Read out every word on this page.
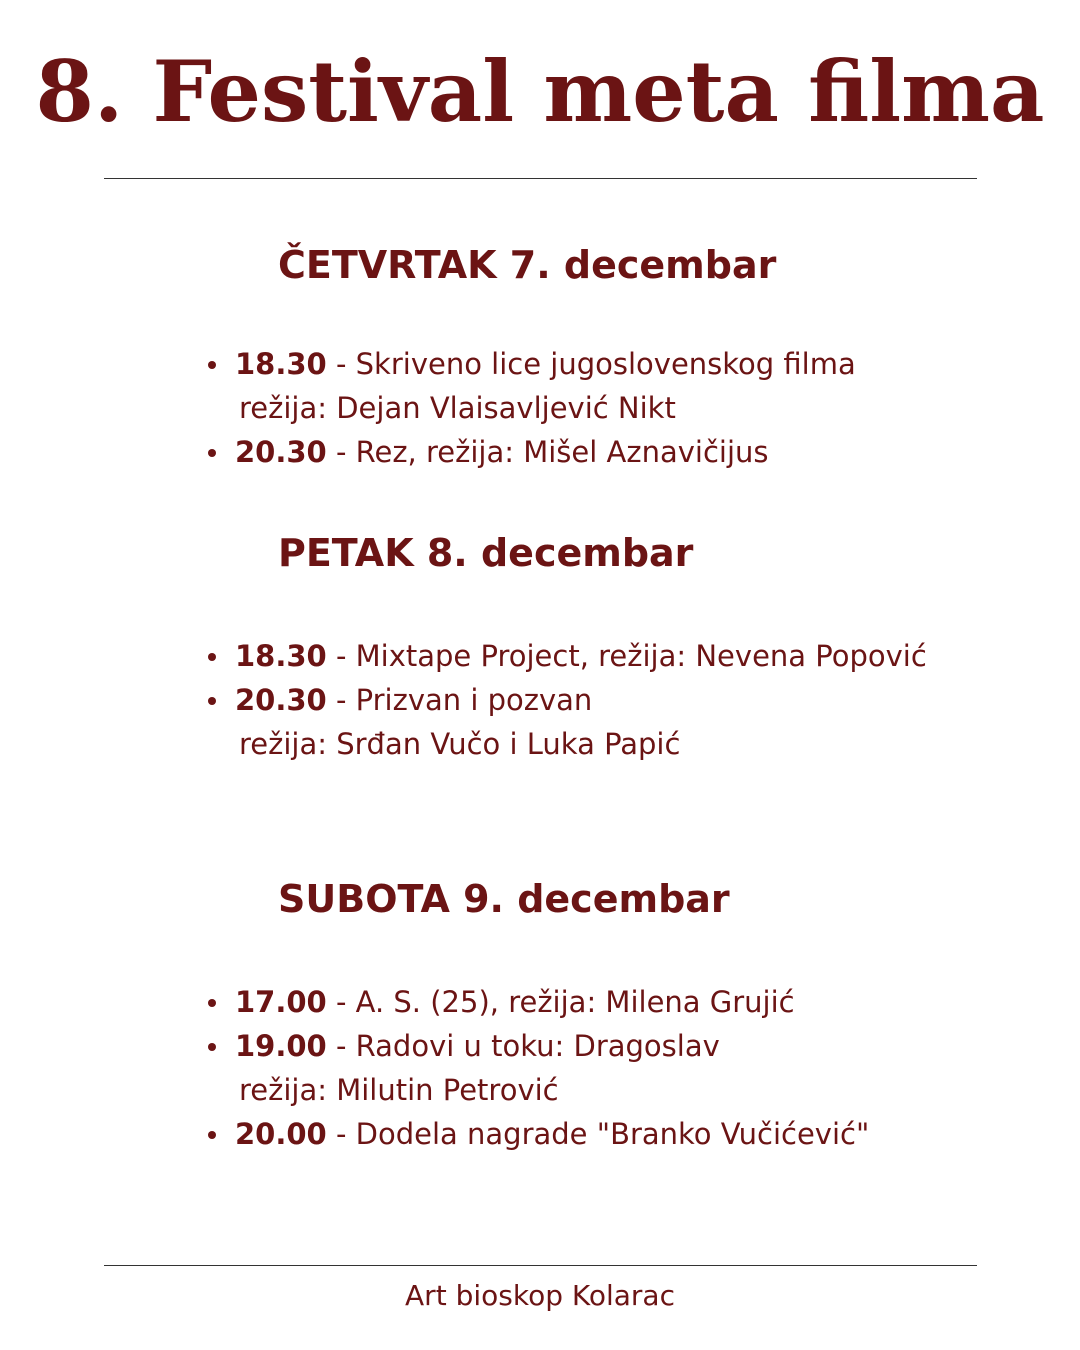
8. Festival meta filma
ČETVRTAK 7. decembar
18.30 - Skriveno lice jugoslovenskog filma
režija: Dejan Vlaisavljević Nikt
20.30 - Rez, režija: Mišel Aznavičijus
PETAK 8. decembar
18.30 - Mixtape Project, režija: Nevena Popović
20.30 - Prizvan i pozvan
režija: Srđan Vučo i Luka Papić
SUBOTA 9. decembar
17.00 - A. S. (25), režija: Milena Grujić
19.00 - Radovi u toku: Dragoslav
režija: Milutin Petrović
20.00 - Dodela nagrade "Branko Vučićević"
Art bioskop Kolarac
